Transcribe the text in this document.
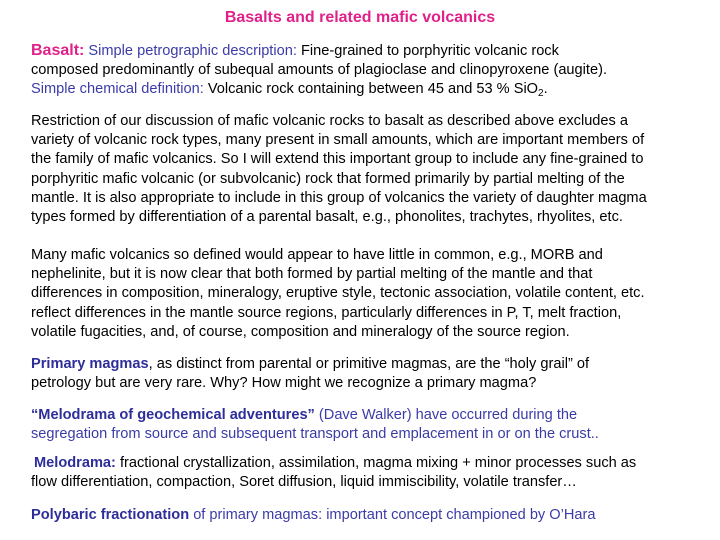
Basalts and related mafic volcanics
Basalt: Simple petrographic description: Fine-grained to porphyritic volcanic rock
composed predominantly of subequal amounts of plagioclase and clinopyroxene (augite).
Simple chemical definition: Volcanic rock containing between 45 and 53 % SiO$_2$.
Restriction of our discussion of mafic volcanic rocks to basalt as described above excludes a
variety of volcanic rock types, many present in small amounts, which are important members of
the family of mafic volcanics. So I will extend this important group to include any fine-grained to
porphyritic mafic volcanic (or subvolcanic) rock that formed primarily by partial melting of the
mantle. It is also appropriate to include in this group of volcanics the variety of daughter magma
types formed by differentiation of a parental basalt, e.g., phonolites, trachytes, rhyolites, etc.
Many mafic volcanics so defined would appear to have little in common, e.g., MORB and
nephelinite, but it is now clear that both formed by partial melting of the mantle and that
differences in composition, mineralogy, eruptive style, tectonic association, volatile content, etc.
reflect differences in the mantle source regions, particularly differences in P, T, melt fraction,
volatile fugacities, and, of course, composition and mineralogy of the source region.
Primary magmas, as distinct from parental or primitive magmas, are the “holy grail” of
petrology but are very rare. Why? How might we recognize a primary magma?
“Melodrama of geochemical adventures” (Dave Walker) have occurred during the
segregation from source and subsequent transport and emplacement in or on the crust..
Melodrama: fractional crystallization, assimilation, magma mixing + minor processes such as
flow differentiation, compaction, Soret diffusion, liquid immiscibility, volatile transfer…
Polybaric fractionation of primary magmas: important concept championed by O’Hara
